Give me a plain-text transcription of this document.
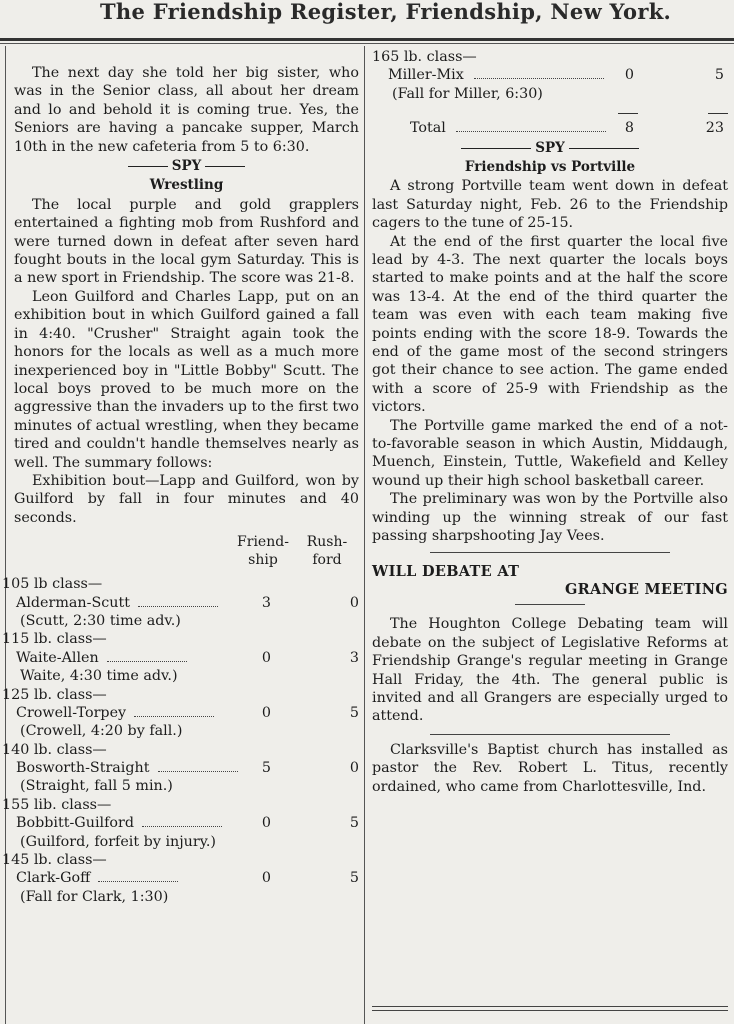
The Friendship Register, Friendship, New York.

The next day she told her big sister, who was in the Senior class, all about her dream and lo and behold it is coming true. Yes, the Seniors are having a pancake supper, March 10th in the new cafeteria from 5 to 6:30.

SPY
Wrestling

The local purple and gold grapplers entertained a fighting mob from Rushford and were turned down in defeat after seven hard fought bouts in the local gym Saturday. This is a new sport in Friendship. The score was 21-8.

Leon Guilford and Charles Lapp, put on an exhibition bout in which Guilford gained a fall in 4:40. "Crusher" Straight again took the honors for the locals as well as a much more inexperienced boy in "Little Bobby" Scutt. The local boys proved to be much more on the aggressive than the invaders up to the first two minutes of actual wrestling, when they became tired and couldn't handle themselves nearly as well. The summary follows:

Exhibition bout—Lapp and Guilford, won by Guilford by fall in four minutes and 40 seconds.

Friend-
ship
Rush-
ford
105 lb class—
Alderman-Scutt	3	0
(Scutt, 2:30 time adv.)
115 lb. class—
Waite-Allen	0	3
Waite, 4:30 time adv.)
125 lb. class—
Crowell-Torpey	0	5
(Crowell, 4:20 by fall.)
140 lb. class—
Bosworth-Straight	5	0
(Straight, fall 5 min.)
155 lib. class—
Bobbitt-Guilford	0	5
(Guilford, forfeit by injury.)
145 lb. class—
Clark-Goff	0	5
(Fall for Clark, 1:30)
165 lb. class—
Miller-Mix	0	5
(Fall for Miller, 6:30)
Total	8	23
SPY
Friendship vs Portville

A strong Portville team went down in defeat last Saturday night, Feb. 26 to the Friendship cagers to the tune of 25-15.

At the end of the first quarter the local five lead by 4-3. The next quarter the locals boys started to make points and at the half the score was 13-4. At the end of the third quarter the team was even with each team making five points ending with the score 18-9. Towards the end of the game most of the second stringers got their chance to see action. The game ended with a score of 25-9 with Friendship as the victors.

The Portville game marked the end of a not-to-favorable season in which Austin, Middaugh, Muench, Einstein, Tuttle, Wakefield and Kelley wound up their high school basketball career.

The preliminary was won by the Portville also winding up the winning streak of our fast passing sharpshooting Jay Vees.

WILL DEBATE AT
GRANGE MEETING

The Houghton College Debating team will debate on the subject of Legislative Reforms at Friendship Grange's regular meeting in Grange Hall Friday, the 4th. The general public is invited and all Grangers are especially urged to attend.

Clarksville's Baptist church has installed as pastor the Rev. Robert L. Titus, recently ordained, who came from Charlottesville, Ind.
